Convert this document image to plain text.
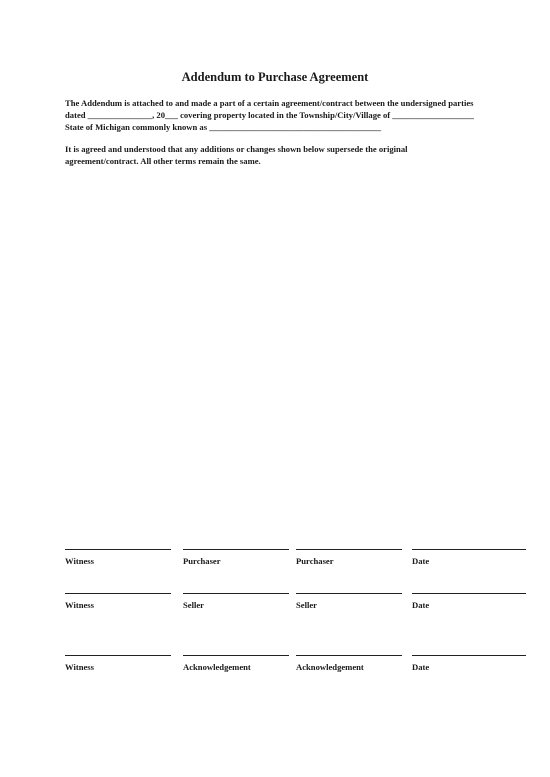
Addendum to Purchase Agreement

The Addendum is attached to and made a part of a certain agreement/contract between the undersigned parties
dated _______________, 20___ covering property located in the Township/City/Village of ___________________
State of Michigan commonly known as ________________________________________

It is agreed and understood that any additions or changes shown below supersede the original
agreement/contract. All other terms remain the same.

Witness	Purchaser	Purchaser	Date
Witness	Seller	Seller	Date
Witness	Acknowledgement	Acknowledgement	Date
